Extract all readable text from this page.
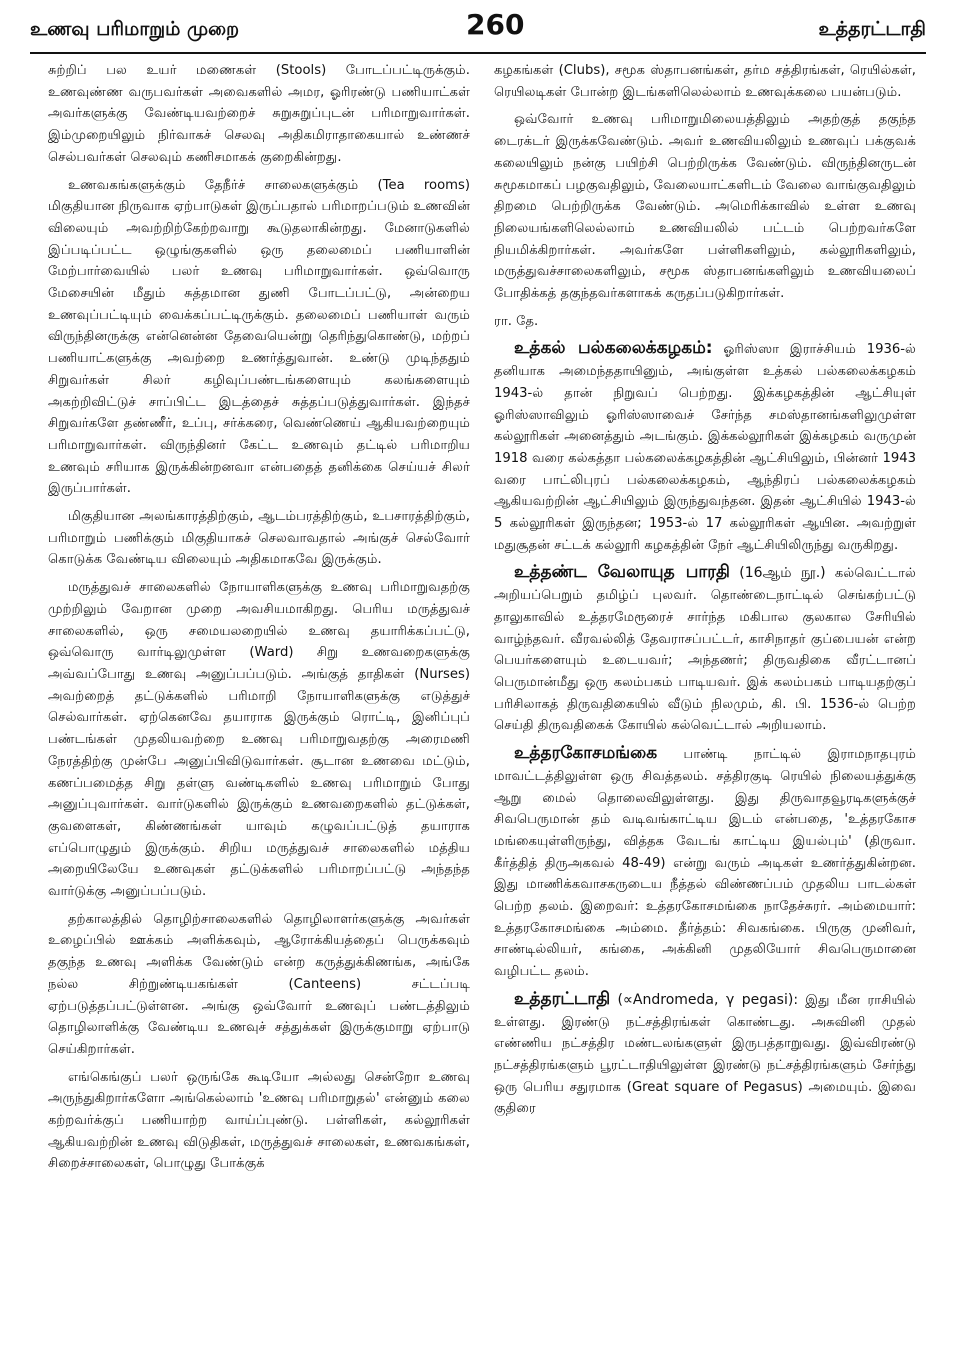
உணவு பரிமாறும் முறை	260	உத்தரட்டாதி

சுற்றிப் பல உயர் மணைகள் (Stools) போடப்பட்டிருக்கும். உணவுண்ண வருபவர்கள் அவைகளில் அமர, ஓரிரண்டு பணியாட்கள் அவர்களுக்கு வேண்டியவற்றைச் சுறுசுறுப்புடன் பரிமாறுவார்கள். இம்முறையிலும் நிர்வாகச் செலவு அதிகமிராதாகையால் உண்ணச் செல்பவர்கள் செலவும் கணிசமாகக் குறைகின்றது.

உணவகங்களுக்கும் தேநீர்ச் சாலைகளுக்கும் (Tea rooms) மிகுதியான நிருவாக ஏற்பாடுகள் இருப்பதால் பரிமாறப்படும் உணவின் விலையும் அவற்றிற்கேற்றவாறு கூடுதலாகின்றது. மேனாடுகளில் இப்படிப்பட்ட ஒழுங்குகளில் ஒரு தலைமைப் பணியாளின் மேற்பார்வையில் பலர் உணவு பரிமாறுவார்கள். ஒவ்வொரு மேசையின் மீதும் சுத்தமான துணி போடப்பட்டு, அன்றைய உணவுப்பட்டியும் வைக்கப்பட்டிருக்கும். தலைமைப் பணியாள் வரும் விருந்தினருக்கு என்னென்ன தேவையென்று தெரிந்துகொண்டு, மற்றப் பணியாட்களுக்கு அவற்றை உணர்த்துவான். உண்டு முடிந்ததும் சிறுவர்கள் சிலர் கழிவுப்பண்டங்களையும் கலங்களையும் அகற்றிவிட்டுச் சாப்பிட்ட இடத்தைச் சுத்தப்படுத்துவார்கள். இந்தச் சிறுவர்களே தண்ணீர், உப்பு, சர்க்கரை, வெண்ணெய் ஆகியவற்றையும் பரிமாறுவார்கள். விருந்தினர் கேட்ட உணவும் தட்டில் பரிமாறிய உணவும் சரியாக இருக்கின்றனவா என்பதைத் தனிக்கை செய்யச் சிலர் இருப்பார்கள்.

மிகுதியான அலங்காரத்திற்கும், ஆடம்பரத்திற்கும், உபசாரத்திற்கும், பரிமாறும் பணிக்கும் மிகுதியாகச் செலவாவதால் அங்குச் செல்வோர் கொடுக்க வேண்டிய விலையும் அதிகமாகவே இருக்கும்.

மருத்துவச் சாலைகளில் நோயாளிகளுக்கு உணவு பரிமாறுவதற்கு முற்றிலும் வேறான முறை அவசியமாகிறது. பெரிய மருத்துவச் சாலைகளில், ஒரு சமையலறையில் உணவு தயாரிக்கப்பட்டு, ஒவ்வொரு வார்டிலுமுள்ள (Ward) சிறு உணவறைகளுக்கு அவ்வப்போது உணவு அனுப்பப்படும். அங்குத் தாதிகள் (Nurses) அவற்றைத் தட்டுக்களில் பரிமாறி நோயாளிகளுக்கு எடுத்துச் செல்வார்கள். ஏற்கெனவே தயாராக இருக்கும் ரொட்டி, இனிப்புப் பண்டங்கள் முதலியவற்றை உணவு பரிமாறுவதற்கு அரைமணி நேரத்திற்கு முன்பே அனுப்பிவிடுவார்கள். சூடான உணவை மட்டும், கணப்பமைத்த சிறு தள்ளு வண்டிகளில் உணவு பரிமாறும் போது அனுப்புவார்கள். வார்டுகளில் இருக்கும் உணவறைகளில் தட்டுக்கள், குவளைகள், கிண்ணங்கள் யாவும் கழுவப்பட்டுத் தயாராக எப்பொழுதும் இருக்கும். சிறிய மருத்துவச் சாலைகளில் மத்திய அறையிலேயே உணவுகள் தட்டுக்களில் பரிமாறப்பட்டு அந்தந்த வார்டுக்கு அனுப்பப்படும்.

தற்காலத்தில் தொழிற்சாலைகளில் தொழிலாளர்களுக்கு அவர்கள் உழைப்பில் ஊக்கம் அளிக்கவும், ஆரோக்கியத்தைப் பெருக்கவும் தகுந்த உணவு அளிக்க வேண்டும் என்ற கருத்துக்கிணங்க, அங்கே நல்ல சிற்றுண்டியகங்கள் (Canteens) சட்டப்படி ஏற்படுத்தப்பட்டுள்ளன. அங்கு ஒவ்வோர் உணவுப் பண்டத்திலும் தொழிலாளிக்கு வேண்டிய உணவுச் சத்துக்கள் இருக்குமாறு ஏற்பாடு செய்கிறார்கள்.

எங்கெங்குப் பலர் ஒருங்கே கூடியோ அல்லது சென்றோ உணவு அருந்துகிறார்களோ அங்கெல்லாம் 'உணவு பரிமாறுதல்' என்னும் கலை கற்றவர்க்குப் பணியாற்ற வாய்ப்புண்டு. பள்ளிகள், கல்லூரிகள் ஆகியவற்றின் உணவு விடுதிகள், மருத்துவச் சாலைகள், உணவகங்கள், சிறைச்சாலைகள், பொழுது போக்குக்

கழகங்கள் (Clubs), சமூக ஸ்தாபனங்கள், தர்ம சத்திரங்கள், ரெயில்கள், ரெயிலடிகள் போன்ற இடங்களிலெல்லாம் உணவுக்கலை பயன்படும்.

ஒவ்வோர் உணவு பரிமாறுமிலையத்திலும் அதற்குத் தகுந்த டைரக்டர் இருக்கவேண்டும். அவர் உணவியலிலும் உணவுப் பக்குவக் கலையிலும் நன்கு பயிற்சி பெற்றிருக்க வேண்டும். விருந்தினருடன் சுமூகமாகப் பழகுவதிலும், வேலையாட்களிடம் வேலை வாங்குவதிலும் திறமை பெற்றிருக்க வேண்டும். அமெரிக்காவில் உள்ள உணவு நிலையங்களிலெல்லாம் உணவியலில் பட்டம் பெற்றவர்களே நியமிக்கிறார்கள். அவர்களே பள்ளிகளிலும், கல்லூரிகளிலும், மருத்துவச்சாலைகளிலும், சமூக ஸ்தாபனங்களிலும் உணவியலைப் போதிக்கத் தகுந்தவர்களாகக் கருதப்படுகிறார்கள்.

ரா. தே.

உத்கல் பல்கலைக்கழகம்: ஓரிஸ்ஸா இராச்சியம் 1936-ல் தனியாக அமைந்ததாயினும், அங்குள்ள உத்கல் பல்கலைக்கழகம் 1943-ல் தான் நிறுவப் பெற்றது. இக்கழகத்தின் ஆட்சியுள் ஓரிஸ்ஸாவிலும் ஓரிஸ்ஸாவைச் சேர்ந்த சமஸ்தானங்களிலுமுள்ள கல்லூரிகள் அனைத்தும் அடங்கும். இக்கல்லூரிகள் இக்கழகம் வருமுன் 1918 வரை கல்கத்தா பல்கலைக்கழகத்தின் ஆட்சியிலும், பின்னர் 1943 வரை பாட்லிபுரப் பல்கலைக்கழகம், ஆந்திரப் பல்கலைக்கழகம் ஆகியவற்றின் ஆட்சியிலும் இருந்துவந்தன. இதன் ஆட்சியில் 1943-ல் 5 கல்லூரிகள் இருந்தன; 1953-ல் 17 கல்லூரிகள் ஆயின. அவற்றுள் மதுசூதன் சட்டக் கல்லூரி கழகத்தின் நேர் ஆட்சியிலிருந்து வருகிறது.

உத்தண்ட வேலாயுத பாரதி (16ஆம் நூ.) கல்வெட்டால் அறியப்பெறும் தமிழ்ப் புலவர். தொண்டைநாட்டில் செங்கற்பட்டு தாலுகாவில் உத்தரமேரூரைச் சார்ந்த மகிபால குலகால சேரியில் வாழ்ந்தவர். வீரவல்லித் தேவராசப்பட்டர், காசிநாதர் குப்பையன் என்ற பெயர்களையும் உடையவர்; அந்தணர்; திருவதிகை வீரட்டானப் பெருமான்மீது ஒரு கலம்பகம் பாடியவர். இக் கலம்பகம் பாடியதற்குப் பரிசிலாகத் திருவதிகையில் வீடும் நிலமும், கி. பி. 1536-ல் பெற்ற செய்தி திருவதிகைக் கோயில் கல்வெட்டால் அறியலாம்.

உத்தரகோசமங்கை பாண்டி நாட்டில் இராமநாதபுரம் மாவட்டத்திலுள்ள ஒரு சிவத்தலம். சத்திரகுடி ரெயில் நிலையத்துக்கு ஆறு மைல் தொலைவிலுள்ளது. இது திருவாதவூரடிகளுக்குச் சிவபெருமான் தம் வடிவங்காட்டிய இடம் என்பதை, 'உத்தரகோச மங்கையுள்ளிருந்து, வித்தக வேடங் காட்டிய இயல்பும்' (திருவா. கீர்த்தித் திருஅகவல் 48-49) என்று வரும் அடிகள் உணர்த்துகின்றன. இது மாணிக்கவாசகருடைய நீத்தல் விண்ணப்பம் முதலிய பாடல்கள் பெற்ற தலம். இறைவர்: உத்தரகோசமங்கை நாதேச்சுரர். அம்மையார்: உத்தரகோசமங்கை அம்மை. தீர்த்தம்: சிவகங்கை. பிருகு முனிவர், சாண்டில்லியர், கங்கை, அக்கினி முதலியோர் சிவபெருமானை வழிபட்ட தலம்.

உத்தரட்டாதி (∝Andromeda, γ pegasi): இது மீன ராசியில் உள்ளது. இரண்டு நட்சத்திரங்கள் கொண்டது. அசுவினி முதல் எண்ணிய நட்சத்திர மண்டலங்களுள் இருபத்தாறுவது. இவ்விரண்டு நட்சத்திரங்களும் பூரட்டாதியிலுள்ள இரண்டு நட்சத்திரங்களும் சேர்ந்து ஒரு பெரிய சதுரமாக (Great square of Pegasus) அமையும். இவை குதிரை
